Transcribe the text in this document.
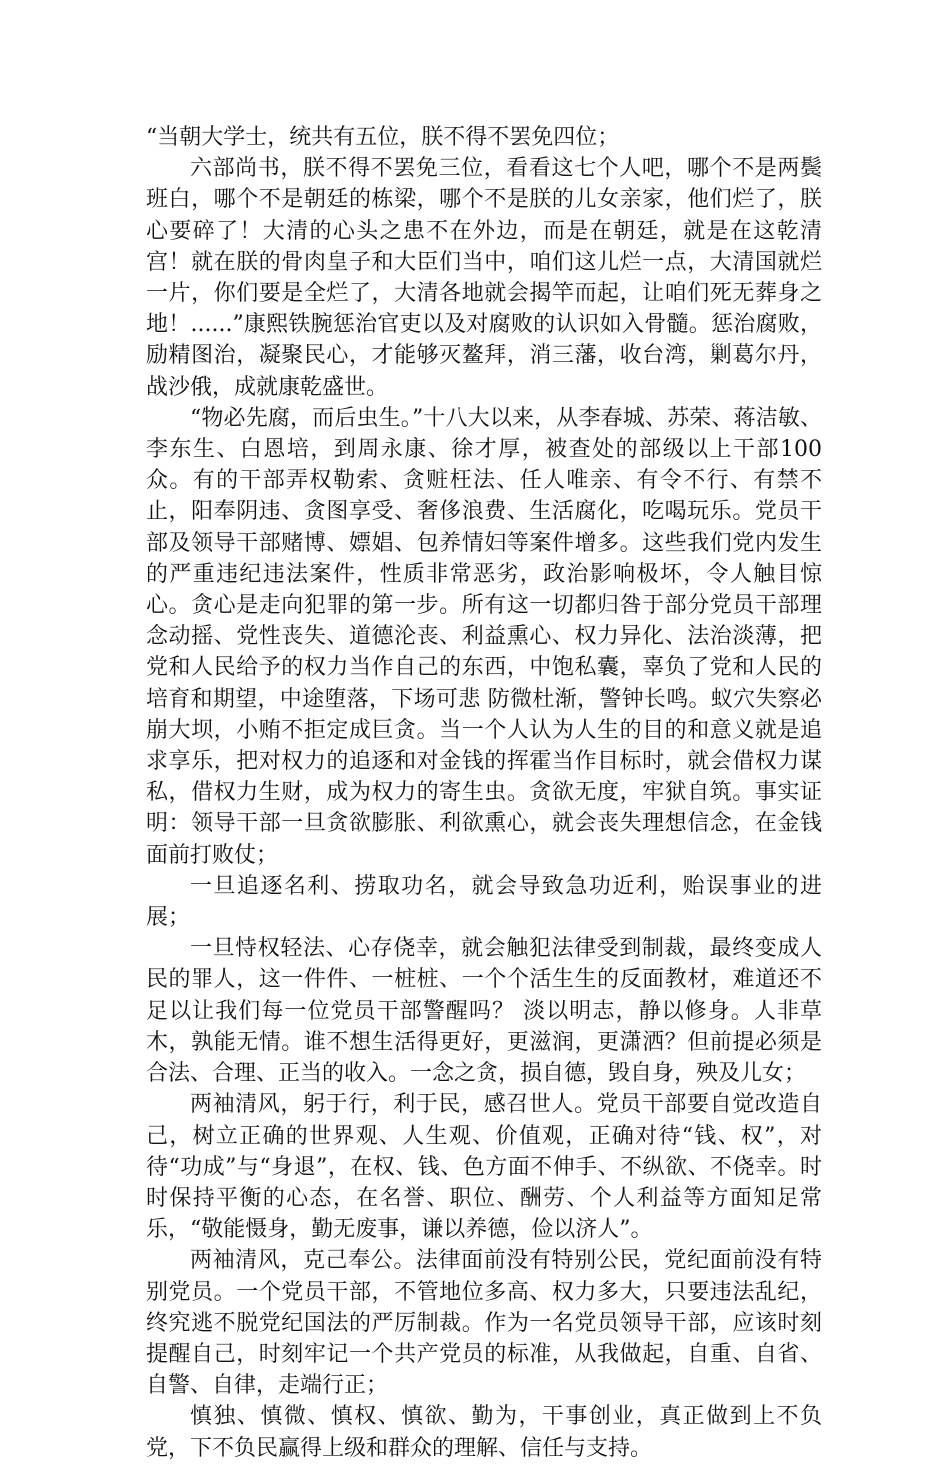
“当朝大学士，统共有五位，朕不得不罢免四位；

六部尚书，朕不得不罢免三位，看看这七个人吧，哪个不是两鬓班白，哪个不是朝廷的栋梁，哪个不是朕的儿女亲家，他们烂了，朕心要碎了！大清的心头之患不在外边，而是在朝廷，就是在这乾清宫！就在朕的骨肉皇子和大臣们当中，咱们这儿烂一点，大清国就烂一片，你们要是全烂了，大清各地就会揭竿而起，让咱们死无葬身之地！......”康熙铁腕惩治官吏以及对腐败的认识如入骨髓。惩治腐败，励精图治，凝聚民心，才能够灭鳌拜，消三藩，收台湾，剿葛尔丹，战沙俄，成就康乾盛世。

“物必先腐，而后虫生。”十八大以来，从李春城、苏荣、蒋洁敏、李东生、白恩培，到周永康、徐才厚，被查处的部级以上干部100众。有的干部弄权勒索、贪赃枉法、任人唯亲、有令不行、有禁不止，阳奉阴违、贪图享受、奢侈浪费、生活腐化，吃喝玩乐。党员干部及领导干部赌博、嫖娼、包养情妇等案件增多。这些我们党内发生的严重违纪违法案件，性质非常恶劣，政治影响极坏，令人触目惊心。贪心是走向犯罪的第一步。所有这一切都归咎于部分党员干部理念动摇、党性丧失、道德沦丧、利益熏心、权力异化、法治淡薄，把党和人民给予的权力当作自己的东西，中饱私囊，辜负了党和人民的培育和期望，中途堕落，下场可悲 防微杜渐，警钟长鸣。蚁穴失察必崩大坝，小贿不拒定成巨贪。当一个人认为人生的目的和意义就是追求享乐，把对权力的追逐和对金钱的挥霍当作目标时，就会借权力谋私，借权力生财，成为权力的寄生虫。贪欲无度，牢狱自筑。事实证明：领导干部一旦贪欲膨胀、利欲熏心，就会丧失理想信念，在金钱面前打败仗；

一旦追逐名利、捞取功名，就会导致急功近利，贻误事业的进展；

一旦恃权轻法、心存侥幸，就会触犯法律受到制裁，最终变成人民的罪人，这一件件、一桩桩、一个个活生生的反面教材，难道还不足以让我们每一位党员干部警醒吗？ 淡以明志，静以修身。人非草木，孰能无情。谁不想生活得更好，更滋润，更潇洒？但前提必须是合法、合理、正当的收入。一念之贪，损自德，毁自身，殃及儿女；

两袖清风，躬于行，利于民，感召世人。党员干部要自觉改造自己，树立正确的世界观、人生观、价值观，正确对待“钱、权”，对待“功成”与“身退”，在权、钱、色方面不伸手、不纵欲、不侥幸。时时保持平衡的心态，在名誉、职位、酬劳、个人利益等方面知足常乐，“敬能慑身，勤无废事，谦以养德，俭以济人”。

两袖清风，克己奉公。法律面前没有特别公民，党纪面前没有特别党员。一个党员干部，不管地位多高、权力多大，只要违法乱纪，终究逃不脱党纪国法的严厉制裁。作为一名党员领导干部，应该时刻提醒自己，时刻牢记一个共产党员的标准，从我做起，自重、自省、自警、自律，走端行正；

慎独、慎微、慎权、慎欲、勤为，干事创业，真正做到上不负党，下不负民赢得上级和群众的理解、信任与支持。
